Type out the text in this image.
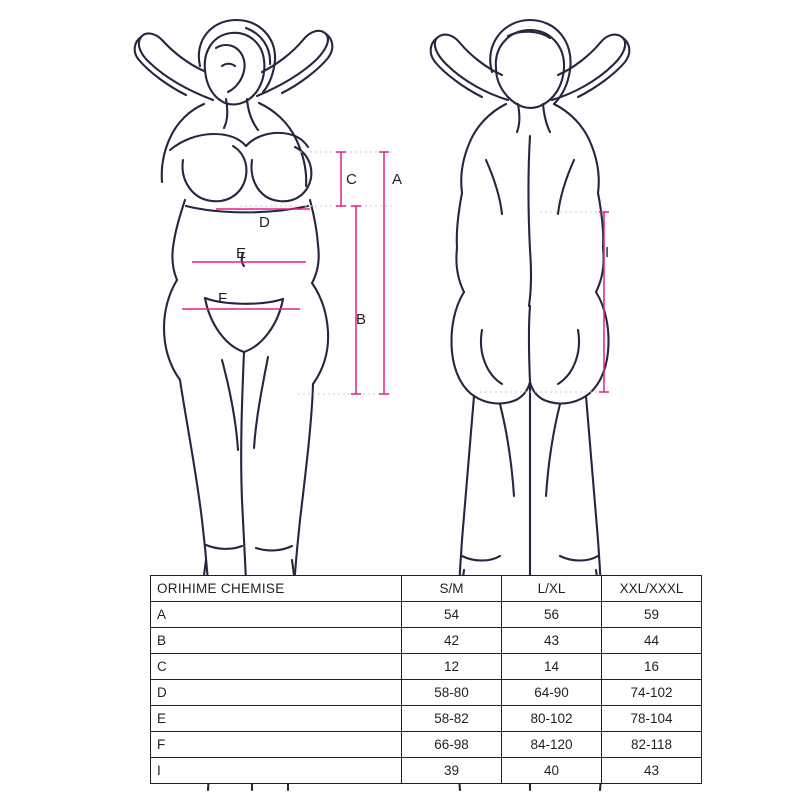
A
B
C
D
E
F
I
ORIHIME CHEMISE	S/M	L/XL	XXL/XXXL
A	54	56	59
B	42	43	44
C	12	14	16
D	58-80	64-90	74-102
E	58-82	80-102	78-104
F	66-98	84-120	82-118
I	39	40	43
